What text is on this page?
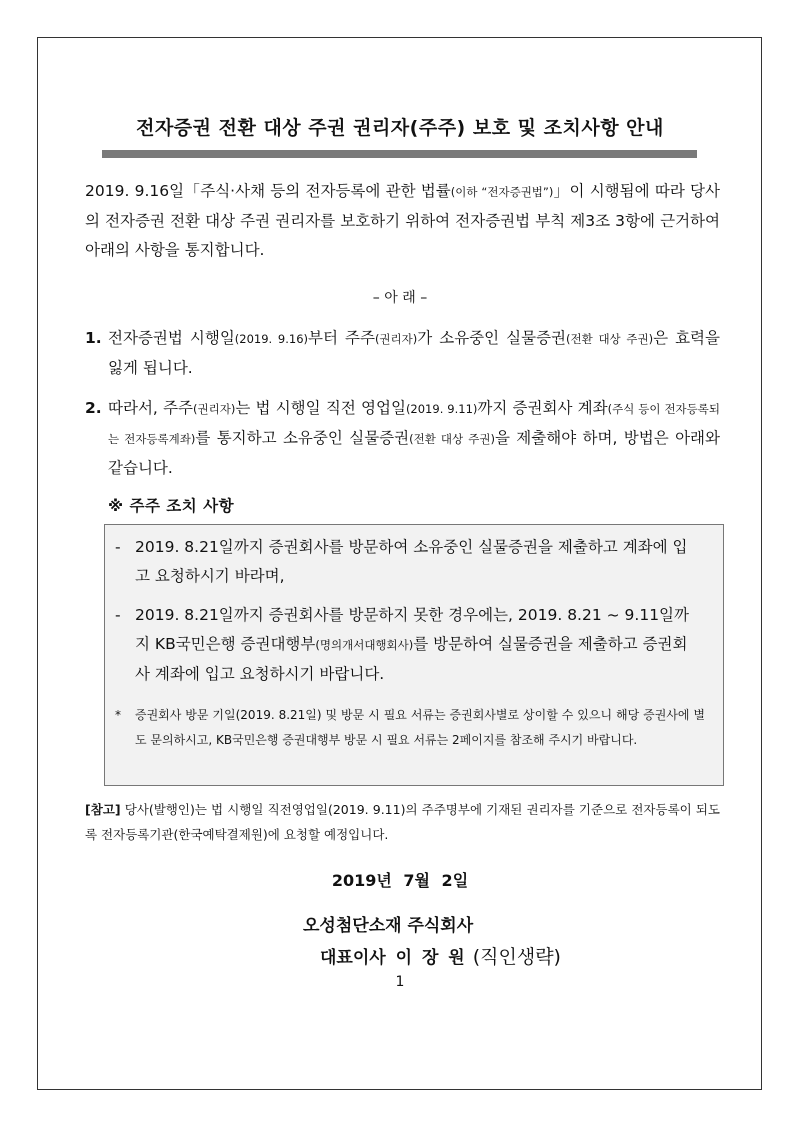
전자증권 전환 대상 주권 권리자(주주) 보호 및 조치사항 안내
2019. 9.16일「주식·사채 등의 전자등록에 관한 법률(이하 “전자증권법”)」이 시행됨에 따라 당사의 전자증권 전환 대상 주권 권리자를 보호하기 위하여 전자증권법 부칙 제3조 3항에 근거하여 아래의 사항을 통지합니다.
– 아 래 –
1. 전자증권법 시행일(2019. 9.16)부터 주주(권리자)가 소유중인 실물증권(전환 대상 주권)은 효력을 잃게 됩니다.
2. 따라서, 주주(권리자)는 법 시행일 직전 영업일(2019. 9.11)까지 증권회사 계좌(주식 등이 전자등록되는 전자등록계좌)를 통지하고 소유중인 실물증권(전환 대상 주권)을 제출해야 하며, 방법은 아래와 같습니다.
※ 주주 조치 사항
- 2019. 8.21일까지 증권회사를 방문하여 소유중인 실물증권을 제출하고 계좌에 입고 요청하시기 바라며,
- 2019. 8.21일까지 증권회사를 방문하지 못한 경우에는, 2019. 8.21 ~ 9.11일까지 KB국민은행 증권대행부(명의개서대행회사)를 방문하여 실물증권을 제출하고 증권회사 계좌에 입고 요청하시기 바랍니다.
* 증권회사 방문 기일(2019. 8.21일) 및 방문 시 필요 서류는 증권회사별로 상이할 수 있으니 해당 증권사에 별도 문의하시고, KB국민은행 증권대행부 방문 시 필요 서류는 2페이지를 참조해 주시기 바랍니다.
[참고] 당사(발행인)는 법 시행일 직전영업일(2019. 9.11)의 주주명부에 기재된 권리자를 기준으로 전자등록이 되도록 전자등록기관(한국예탁결제원)에 요청할 예정입니다.
2019년 7월 2일
오성첨단소재 주식회사
대표이사 이 장 원 (직인생략)
1
